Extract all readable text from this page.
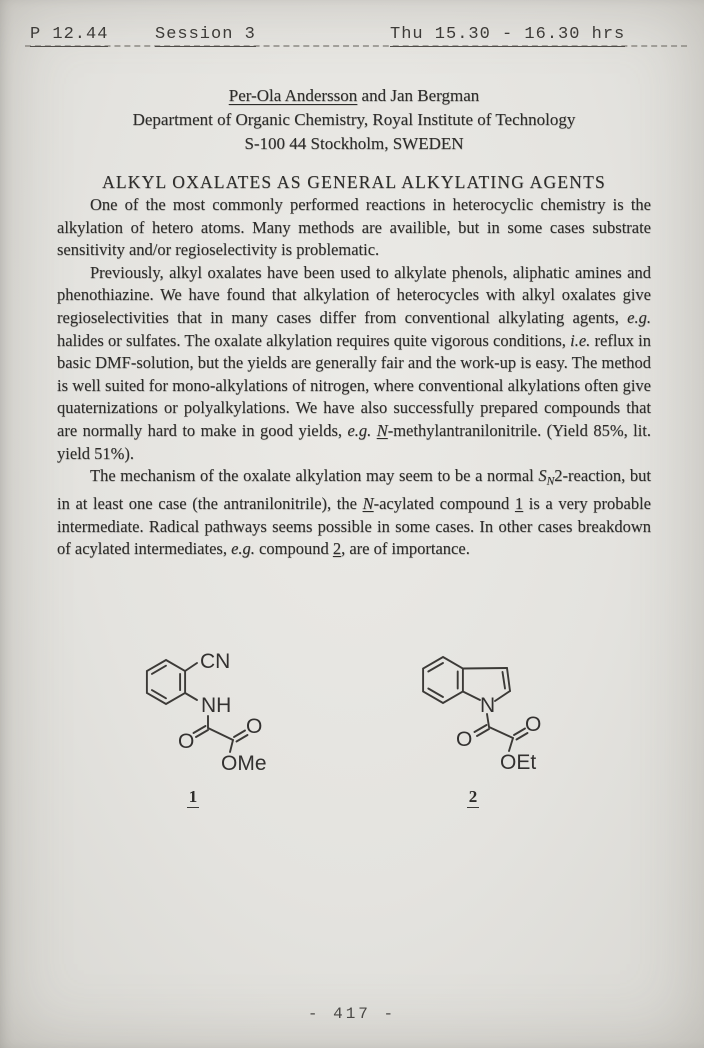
P 12.44	Session 3	Thu 15.30 - 16.30 hrs
Per-Ola Andersson and Jan Bergman
Department of Organic Chemistry, Royal Institute of Technology
S-100 44 Stockholm, SWEDEN
ALKYL OXALATES AS GENERAL ALKYLATING AGENTS

One of the most commonly performed reactions in heterocyclic chemistry is the alkylation of hetero atoms. Many methods are availible, but in some cases substrate sensitivity and/or regioselectivity is problematic.

Previously, alkyl oxalates have been used to alkylate phenols, aliphatic amines and phenothiazine. We have found that alkylation of heterocycles with alkyl oxalates give regioselectivities that in many cases differ from conventional alkylating agents, e.g. halides or sulfates. The oxalate alkylation requires quite vigorous conditions, i.e. reflux in basic DMF-solution, but the yields are generally fair and the work-up is easy. The method is well suited for mono-alkylations of nitrogen, where conventional alkylations often give quaternizations or polyalkylations. We have also successfully prepared compounds that are normally hard to make in good yields, e.g. N-methylantranilonitrile. (Yield 85%, lit. yield 51%).

The mechanism of the oxalate alkylation may seem to be a normal $S_N2$-reaction, but in at least one case (the antranilonitrile), the N-acylated compound 1 is a very probable intermediate. Radical pathways seems possible in some cases. In other cases breakdown of acylated intermediates, e.g. compound 2, are of importance.

CN
NH
O
O
OMe
1
N
O
O
OEt
2
- 417 -
